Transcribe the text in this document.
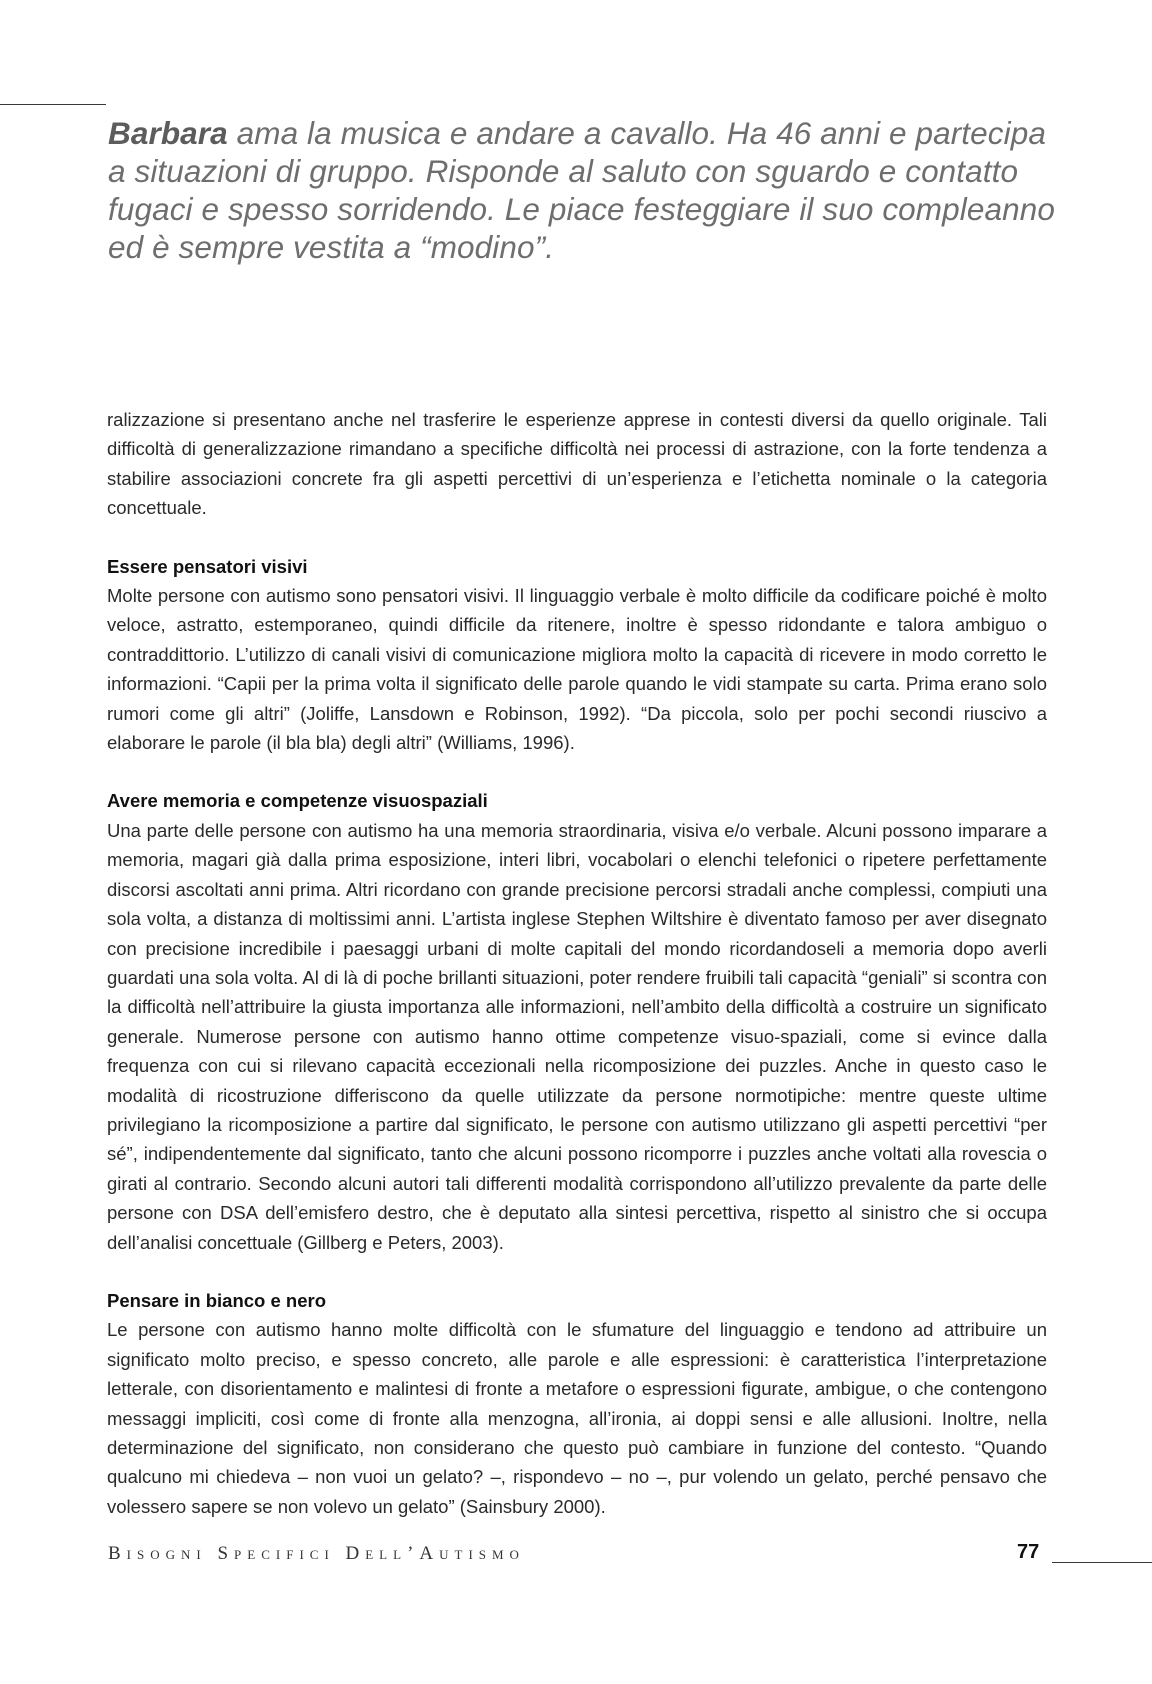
Barbara ama la musica e andare a cavallo. Ha 46 anni e partecipa a situazioni di gruppo. Risponde al saluto con sguardo e contatto fugaci e spesso sorridendo. Le piace festeggiare il suo compleanno ed è sempre vestita a “modino”.

ralizzazione si presentano anche nel trasferire le esperienze apprese in contesti diversi da quello originale. Tali difficoltà di generalizzazione rimandano a specifiche difficoltà nei processi di astrazione, con la forte tendenza a stabilire associazioni concrete fra gli aspetti percettivi di un’esperienza e l’etichetta nominale o la categoria concettuale.

Essere pensatori visivi

Molte persone con autismo sono pensatori visivi. Il linguaggio verbale è molto difficile da codificare poiché è molto veloce, astratto, estemporaneo, quindi difficile da ritenere, inoltre è spesso ridondante e talora ambiguo o contraddittorio. L’utilizzo di canali visivi di comunicazione migliora molto la capacità di ricevere in modo corretto le informazioni. “Capii per la prima volta il significato delle parole quando le vidi stampate su carta. Prima erano solo rumori come gli altri” (Joliffe, Lansdown e Robinson, 1992). “Da piccola, solo per pochi secondi riuscivo a elaborare le parole (il bla bla) degli altri” (Williams, 1996).

Avere memoria e competenze visuospaziali

Una parte delle persone con autismo ha una memoria straordinaria, visiva e/o verbale. Alcuni possono imparare a memoria, magari già dalla prima esposizione, interi libri, vocabolari o elenchi telefonici o ripetere perfettamente discorsi ascoltati anni prima. Altri ricordano con grande precisione percorsi stradali anche complessi, compiuti una sola volta, a distanza di moltissimi anni. L’artista inglese Stephen Wiltshire è diventato famoso per aver disegnato con precisione incredibile i paesaggi urbani di molte capitali del mondo ricordandoseli a memoria dopo averli guardati una sola volta. Al di là di poche brillanti situazioni, poter rendere fruibili tali capacità “geniali” si scontra con la difficoltà nell’attribuire la giusta importanza alle informazioni, nell’ambito della difficoltà a costruire un significato generale. Numerose persone con autismo hanno ottime competenze visuo-spaziali, come si evince dalla frequenza con cui si rilevano capacità eccezionali nella ricomposizione dei puzzles. Anche in questo caso le modalità di ricostruzione differiscono da quelle utilizzate da persone normotipiche: mentre queste ultime privilegiano la ricomposizione a partire dal significato, le persone con autismo utilizzano gli aspetti percettivi “per sé”, indipendentemente dal significato, tanto che alcuni possono ricomporre i puzzles anche voltati alla rovescia o girati al contrario. Secondo alcuni autori tali differenti modalità corrispondono all’utilizzo prevalente da parte delle persone con DSA dell’emisfero destro, che è deputato alla sintesi percettiva, rispetto al sinistro che si occupa dell’analisi concettuale (Gillberg e Peters, 2003).

Pensare in bianco e nero

Le persone con autismo hanno molte difficoltà con le sfumature del linguaggio e tendono ad attribuire un significato molto preciso, e spesso concreto, alle parole e alle espressioni: è caratteristica l’interpretazione letterale, con disorientamento e malintesi di fronte a metafore o espressioni figurate, ambigue, o che contengono messaggi impliciti, così come di fronte alla menzogna, all’ironia, ai doppi sensi e alle allusioni. Inoltre, nella determinazione del significato, non considerano che questo può cambiare in funzione del contesto. “Quando qualcuno mi chiedeva – non vuoi un gelato? –, rispondevo – no –, pur volendo un gelato, perché pensavo che volessero sapere se non volevo un gelato” (Sainsbury 2000).

Bisogni Specifici Dell’Autismo	77
